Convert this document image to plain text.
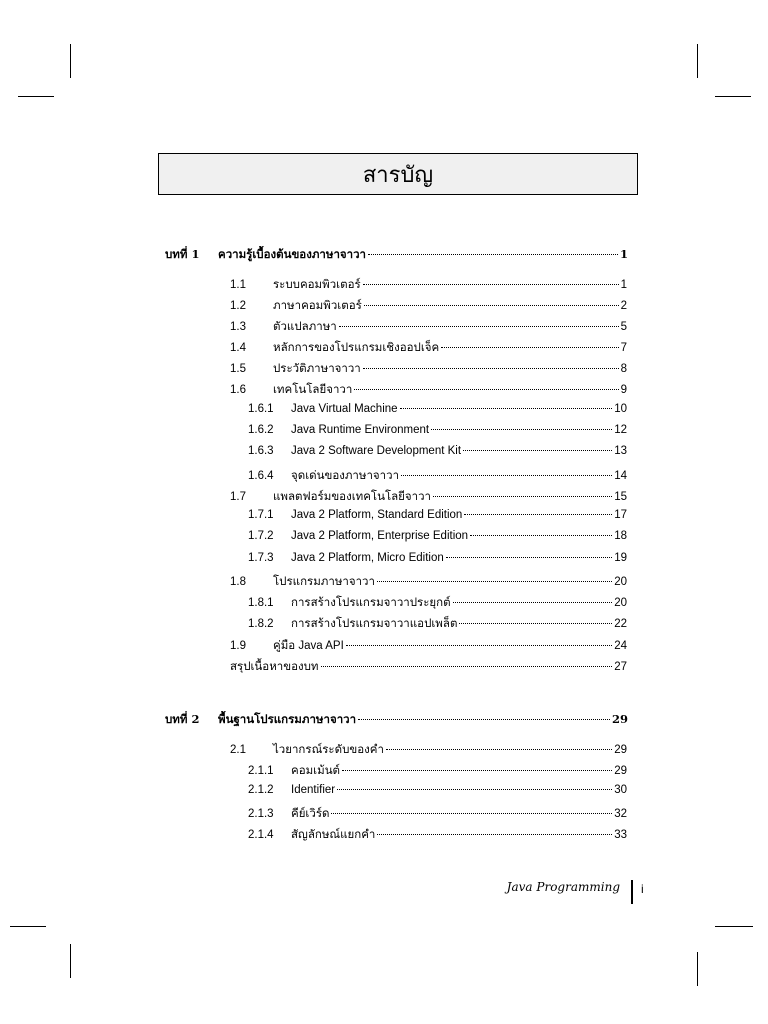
สารบัญ
บทที่ 1	ความรู้เบื้องต้นของภาษาจาวา	1
1.1	ระบบคอมพิวเตอร์	1
1.2	ภาษาคอมพิวเตอร์	2
1.3	ตัวแปลภาษา	5
1.4	หลักการของโปรแกรมเชิงออปเจ็ค	7
1.5	ประวัติภาษาจาวา	8
1.6	เทคโนโลยีจาวา	9
1.6.1	Java Virtual Machine	10
1.6.2	Java Runtime Environment	12
1.6.3	Java 2 Software Development Kit	13
1.6.4	จุดเด่นของภาษาจาวา	14
1.7	แพลตฟอร์มของเทคโนโลยีจาวา	15
1.7.1	Java 2 Platform, Standard Edition	17
1.7.2	Java 2 Platform, Enterprise Edition	18
1.7.3	Java 2 Platform, Micro Edition	19
1.8	โปรแกรมภาษาจาวา	20
1.8.1	การสร้างโปรแกรมจาวาประยุกต์	20
1.8.2	การสร้างโปรแกรมจาวาแอปเพล็ต	22
1.9	คู่มือ Java API	24
สรุปเนื้อหาของบท	27
บทที่ 2	พื้นฐานโปรแกรมภาษาจาวา	29
2.1	ไวยากรณ์ระดับของคำ	29
2.1.1	คอมเม้นต์	29
2.1.2	Identifier	30
2.1.3	คีย์เวิร์ด	32
2.1.4	สัญลักษณ์แยกคำ	33
Java Programming i
